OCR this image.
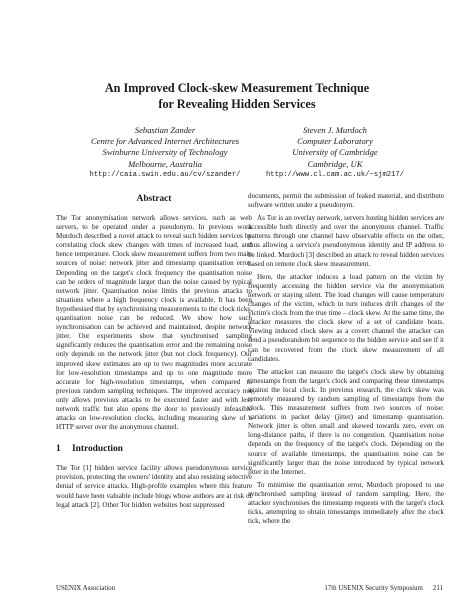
An Improved Clock-skew Measurement Technique
for Revealing Hidden Services
Sebastian Zander
Centre for Advanced Internet Architectures
Swinburne University of Technology
Melbourne, Australia
http://caia.swin.edu.au/cv/szander/
Steven J. Murdoch
Computer Laboratory
University of Cambridge
Cambridge, UK
http://www.cl.cam.ac.uk/~sjm217/
Abstract

The Tor anonymisation network allows services, such as web servers, to be operated under a pseudonym. In previous work Murdoch described a novel attack to reveal such hidden services by correlating clock skew changes with times of increased load, and hence temperature. Clock skew measurement suffers from two main sources of noise: network jitter and timestamp quantisation error. Depending on the target's clock frequency the quantisation noise can be orders of magnitude larger than the noise caused by typical network jitter. Quantisation noise limits the previous attacks to situations where a high frequency clock is available. It has been hypothesised that by synchronising measurements to the clock ticks, quantisation noise can be reduced. We show how such synchronisation can be achieved and maintained, despite network jitter. Our experiments show that synchronised sampling significantly reduces the quantisation error and the remaining noise only depends on the network jitter (but not clock frequency). Our improved skew estimates are up to two magnitudes more accurate for low-resolution timestamps and up to one magnitude more accurate for high-resolution timestamps, when compared to previous random sampling techniques. The improved accuracy not only allows previous attacks to be executed faster and with less network traffic but also opens the door to previously infeasible attacks on low-resolution clocks, including measuring skew of a HTTP server over the anonymous channel.

1 Introduction

The Tor [1] hidden service facility allows pseudonymous service provision, protecting the owners' identity and also resisting selective denial of service attacks. High-profile examples where this feature would have been valuable include blogs whose authors are at risk of legal attack [2]. Other Tor hidden websites host suppressed

documents, permit the submission of leaked material, and distribute software written under a pseudonym.

As Tor is an overlay network, servers hosting hidden services are accessible both directly and over the anonymous channel. Traffic patterns through one channel have observable effects on the other, thus allowing a service's pseudonymous identity and IP address to be linked. Murdoch [3] described an attack to reveal hidden services based on remote clock skew measurement.

Here, the attacker induces a load pattern on the victim by frequently accessing the hidden service via the anonymisation network or staying silent. The load changes will cause temperature changes of the victim, which in turn induces drift changes of the victim's clock from the true time – clock skew. At the same time, the attacker measures the clock skew of a set of candidate hosts. Viewing induced clock skew as a covert channel the attacker can send a pseudorandom bit sequence to the hidden service and see if it can be recovered from the clock skew measurement of all candidates.

The attacker can measure the target's clock skew by obtaining timestamps from the target's clock and comparing these timestamps against the local clock. In previous research, the clock skew was remotely measured by random sampling of timestamps from the clock. This measurement suffers from two sources of noise: variations in packet delay (jitter) and timestamp quantisation. Network jitter is often small and skewed towards zero, even on long-distance paths, if there is no congestion. Quantisation noise depends on the frequency of the target's clock. Depending on the source of available timestamps, the quantisation noise can be significantly larger than the noise introduced by typical network jitter in the Internet.

To minimise the quantisation error, Murdoch proposed to use synchronised sampling instead of random sampling. Here, the attacker synchronises the timestamp requests with the target's clock ticks, attempting to obtain timestamps immediately after the clock tick, where the

USENIX Association	17th USENIX Security Symposium 211
